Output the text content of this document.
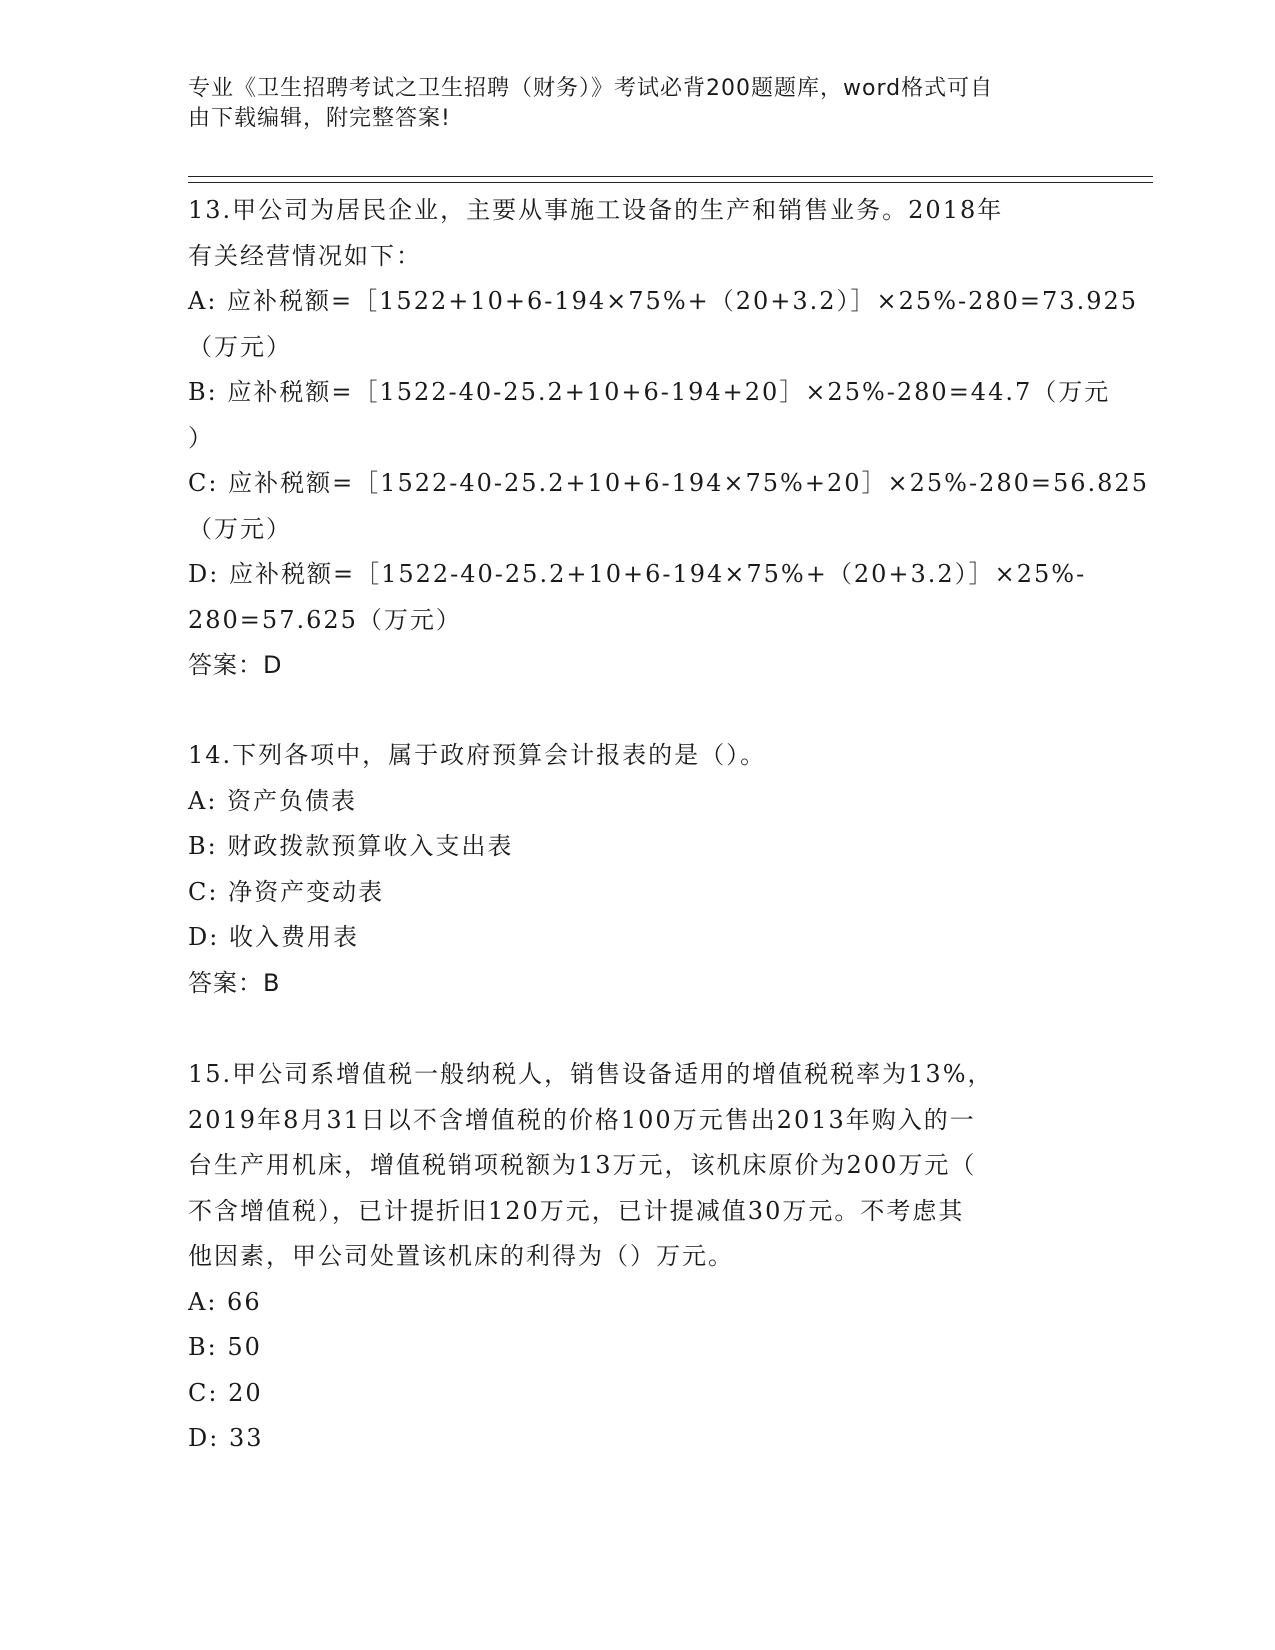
专业《卫生招聘考试之卫生招聘（财务）》考试必背200题题库，word格式可自
由下载编辑，附完整答案!
13.甲公司为居民企业，主要从事施工设备的生产和销售业务。2018年
有关经营情况如下：
A: 应补税额=［1522+10+6-194×75%+（20+3.2）］×25%-280=73.925
（万元）
B: 应补税额=［1522-40-25.2+10+6-194+20］×25%-280=44.7（万元
）
C: 应补税额=［1522-40-25.2+10+6-194×75%+20］×25%-280=56.825
（万元）
D: 应补税额=［1522-40-25.2+10+6-194×75%+（20+3.2）］×25%-
280=57.625（万元）
答案：D
14.下列各项中，属于政府预算会计报表的是（）。
A: 资产负债表
B: 财政拨款预算收入支出表
C: 净资产变动表
D: 收入费用表
答案：B
15.甲公司系增值税一般纳税人，销售设备适用的增值税税率为13%，
2019年8月31日以不含增值税的价格100万元售出2013年购入的一
台生产用机床，增值税销项税额为13万元，该机床原价为200万元（
不含增值税），已计提折旧120万元，已计提减值30万元。不考虑其
他因素，甲公司处置该机床的利得为（）万元。
A: 66
B: 50
C: 20
D: 33
